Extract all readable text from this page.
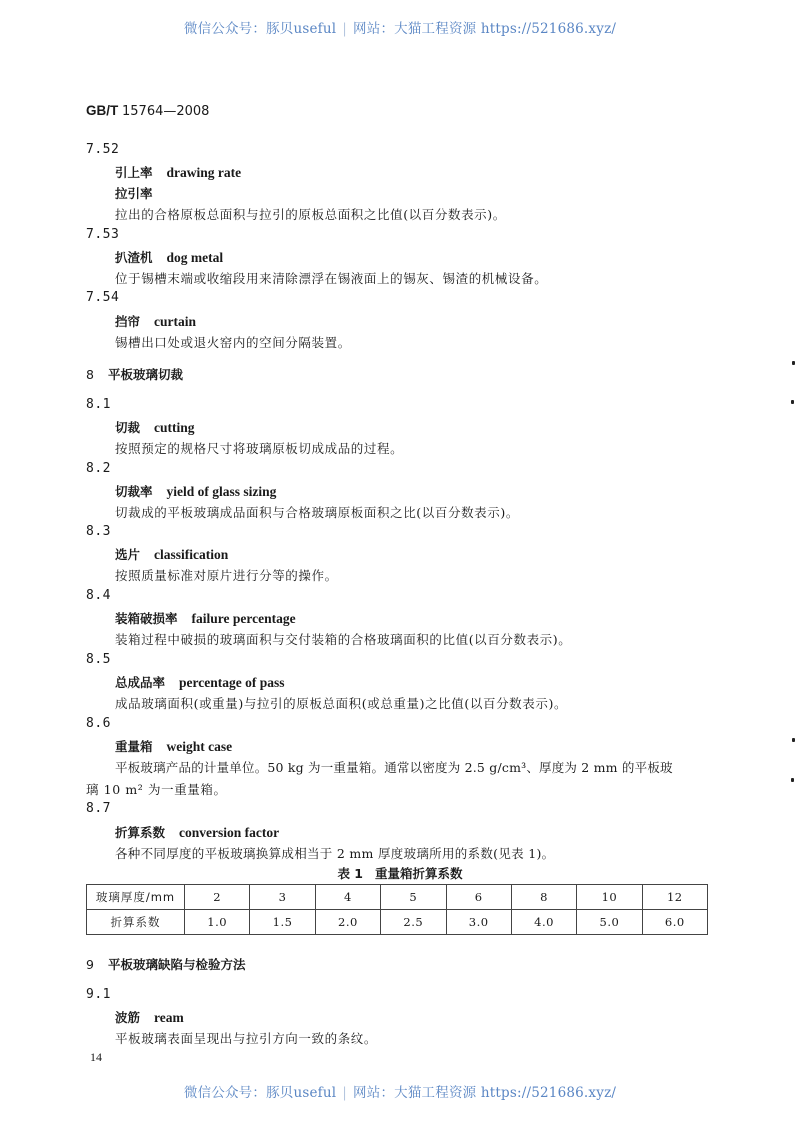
微信公众号：豚贝useful | 网站：大猫工程资源 https://521686.xyz/
GB/T 15764—2008
7.52
引上率 drawing rate
拉引率
拉出的合格原板总面积与拉引的原板总面积之比值(以百分数表示)。
7.53
扒渣机 dog metal
位于锡槽末端或收缩段用来清除漂浮在锡液面上的锡灰、锡渣的机械设备。
7.54
挡帘 curtain
锡槽出口处或退火窑内的空间分隔装置。
8 平板玻璃切裁
8.1
切裁 cutting
按照预定的规格尺寸将玻璃原板切成成品的过程。
8.2
切裁率 yield of glass sizing
切裁成的平板玻璃成品面积与合格玻璃原板面积之比(以百分数表示)。
8.3
选片 classification
按照质量标准对原片进行分等的操作。
8.4
装箱破损率 failure percentage
装箱过程中破损的玻璃面积与交付装箱的合格玻璃面积的比值(以百分数表示)。
8.5
总成品率 percentage of pass
成品玻璃面积(或重量)与拉引的原板总面积(或总重量)之比值(以百分数表示)。
8.6
重量箱 weight case
平板玻璃产品的计量单位。50 kg 为一重量箱。通常以密度为 2.5 g/cm³、厚度为 2 mm 的平板玻
璃 10 m² 为一重量箱。
8.7
折算系数 conversion factor
各种不同厚度的平板玻璃换算成相当于 2 mm 厚度玻璃所用的系数(见表 1)。
表 1 重量箱折算系数
玻璃厚度/mm	2	3	4	5	6	8	10	12
折算系数	1.0	1.5	2.0	2.5	3.0	4.0	5.0	6.0
9 平板玻璃缺陷与检验方法
9.1
波筋 ream
平板玻璃表面呈现出与拉引方向一致的条纹。
14
微信公众号：豚贝useful | 网站：大猫工程资源 https://521686.xyz/
